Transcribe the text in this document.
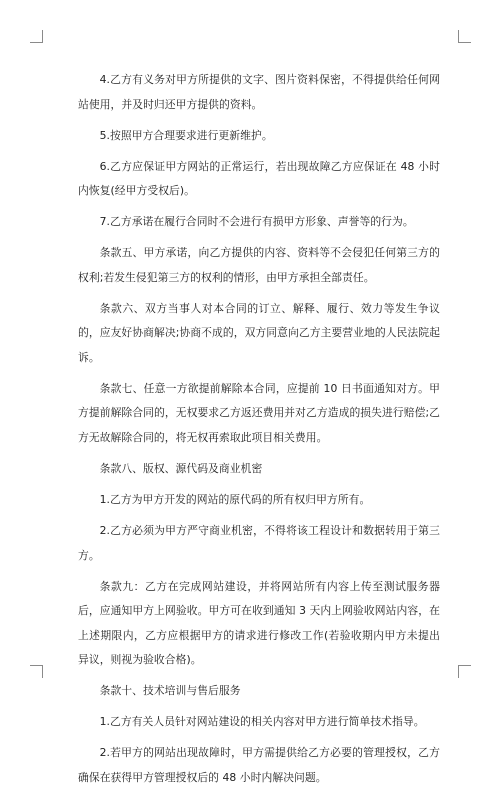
4.乙方有义务对甲方所提供的文字、图片资料保密，不得提供给任何网站使用，并及时归还甲方提供的资料。

5.按照甲方合理要求进行更新维护。

6.乙方应保证甲方网站的正常运行，若出现故障乙方应保证在 48 小时内恢复(经甲方受权后)。

7.乙方承诺在履行合同时不会进行有损甲方形象、声誉等的行为。

条款五、甲方承诺，向乙方提供的内容、资料等不会侵犯任何第三方的权利;若发生侵犯第三方的权利的情形，由甲方承担全部责任。

条款六、双方当事人对本合同的订立、解释、履行、效力等发生争议的，应友好协商解决;协商不成的，双方同意向乙方主要营业地的人民法院起诉。

条款七、任意一方欲提前解除本合同，应提前 10 日书面通知对方。甲方提前解除合同的，无权要求乙方返还费用并对乙方造成的损失进行赔偿;乙方无故解除合同的，将无权再索取此项目相关费用。

条款八、版权、源代码及商业机密

1.乙方为甲方开发的网站的原代码的所有权归甲方所有。

2.乙方必须为甲方严守商业机密，不得将该工程设计和数据转用于第三方。

条款九：乙方在完成网站建设，并将网站所有内容上传至测试服务器后，应通知甲方上网验收。甲方可在收到通知 3 天内上网验收网站内容，在上述期限内，乙方应根据甲方的请求进行修改工作(若验收期内甲方未提出异议，则视为验收合格)。

条款十、技术培训与售后服务

1.乙方有关人员针对网站建设的相关内容对甲方进行简单技术指导。

2.若甲方的网站出现故障时，甲方需提供给乙方必要的管理授权，乙方确保在获得甲方管理授权后的 48 小时内解决问题。
